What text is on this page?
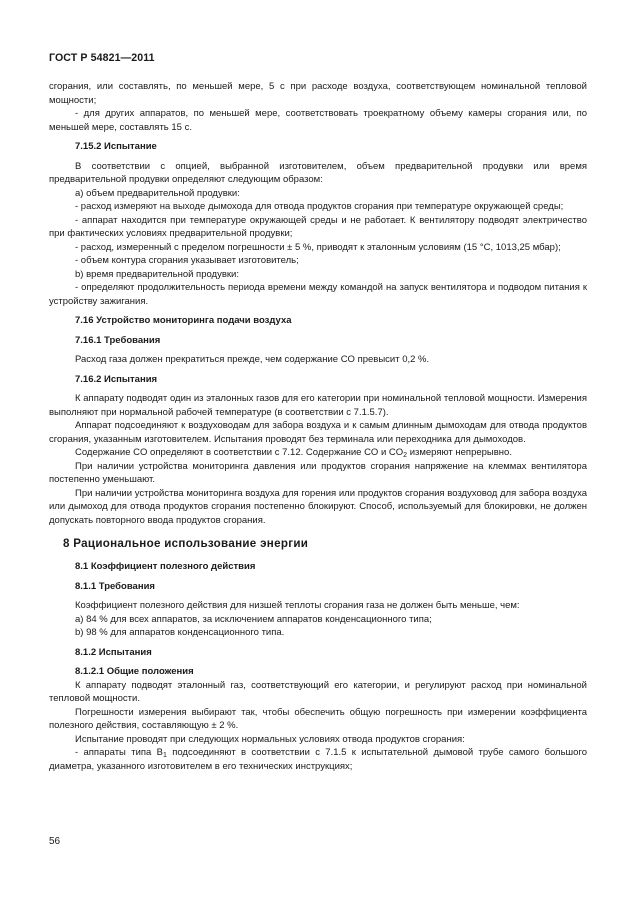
ГОСТ Р 54821—2011

сгорания, или составлять, по меньшей мере, 5 с при расходе воздуха, соответствующем номинальной тепловой мощности;

- для других аппаратов, по меньшей мере, соответствовать троекратному объему камеры сгорания или, по меньшей мере, составлять 15 с.

7.15.2 Испытание

В соответствии с опцией, выбранной изготовителем, объем предварительной продувки или время предварительной продувки определяют следующим образом:

a) объем предварительной продувки:

- расход измеряют на выходе дымохода для отвода продуктов сгорания при температуре окружающей среды;

- аппарат находится при температуре окружающей среды и не работает. К вентилятору подводят электричество при фактических условиях предварительной продувки;

- расход, измеренный c пределом погрешности ± 5 %, приводят к эталонным условиям (15 °C, 1013,25 мбар);

- объем контура сгорания указывает изготовитель;

b) время предварительной продувки:

- определяют продолжительность периода времени между командой на запуск вентилятора и подводом питания к устройству зажигания.

7.16 Устройство мониторинга подачи воздуха
7.16.1 Требования

Расход газа должен прекратиться прежде, чем содержание CO превысит 0,2 %.

7.16.2 Испытания

К аппарату подводят один из эталонных газов для его категории при номинальной тепловой мощности. Измерения выполняют при нормальной рабочей температуре (в соответствии с 7.1.5.7).

Аппарат подсоединяют к воздуховодам для забора воздуха и к самым длинным дымоходам для отвода продуктов сгорания, указанным изготовителем. Испытания проводят без терминала или переходника для дымоходов.

Содержание CO определяют в соответствии с 7.12. Содержание CO и $CO_2$ измеряют непрерывно.

При наличии устройства мониторинга давления или продуктов сгорания напряжение на клеммах вентилятора постепенно уменьшают.

При наличии устройства мониторинга воздуха для горения или продуктов сгорания воздуховод для забора воздуха или дымоход для отвода продуктов сгорания постепенно блокируют. Способ, используемый для блокировки, не должен допускать повторного ввода продуктов сгорания.

8 Рациональное использование энергии
8.1 Коэффициент полезного действия
8.1.1 Требования

Коэффициент полезного действия для низшей теплоты сгорания газа не должен быть меньше, чем:

a) 84 % для всех аппаратов, за исключением аппаратов конденсационного типа;

b) 98 % для аппаратов конденсационного типа.

8.1.2 Испытания
8.1.2.1 Общие положения

К аппарату подводят эталонный газ, соответствующий его категории, и регулируют расход при номинальной тепловой мощности.

Погрешности измерения выбирают так, чтобы обеспечить общую погрешность при измерении коэффициента полезного действия, составляющую ± 2 %.

Испытание проводят при следующих нормальных условиях отвода продуктов сгорания:

- аппараты типа $B_1$ подсоединяют в соответствии с 7.1.5 к испытательной дымовой трубе самого большого диаметра, указанного изготовителем в его технических инструкциях;

56
